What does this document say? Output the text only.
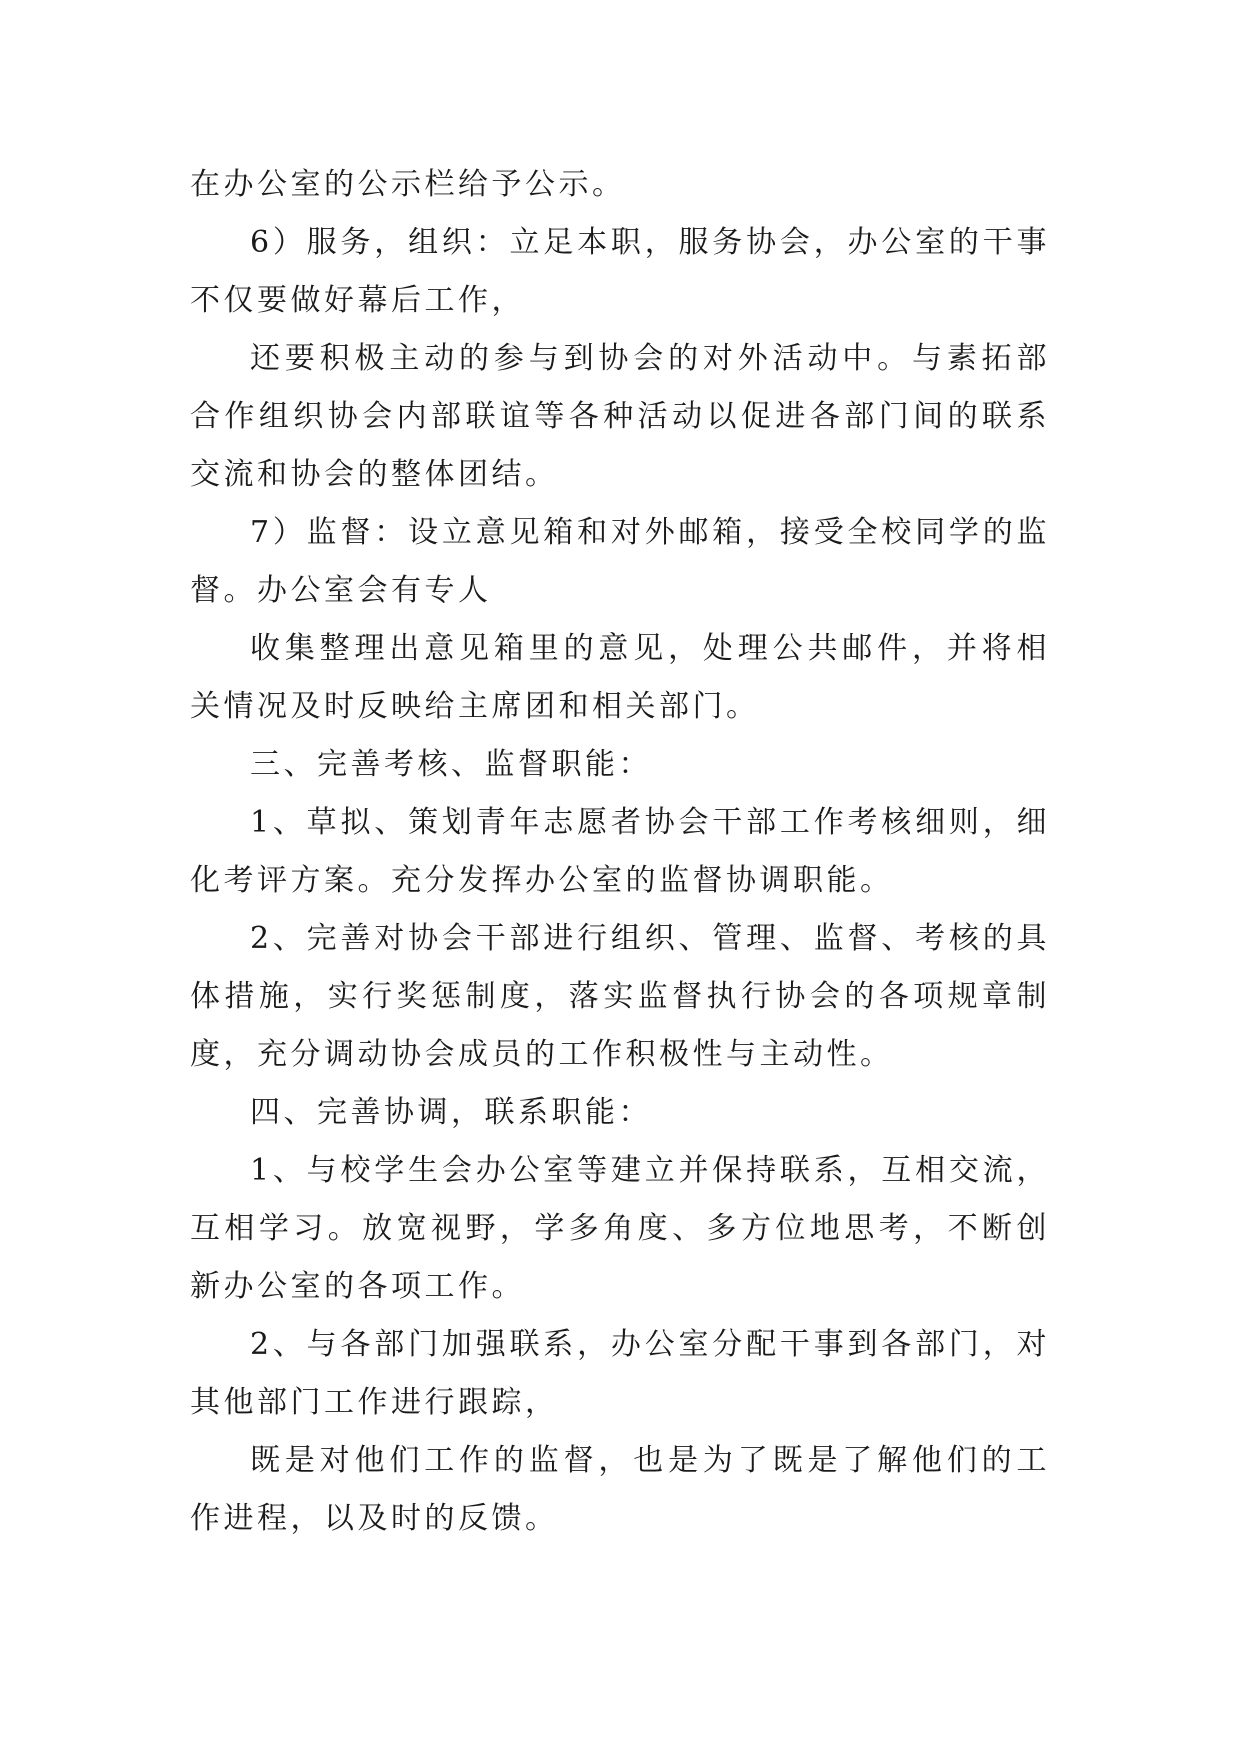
在办公室的公示栏给予公示。

6）服务，组织：立足本职，服务协会，办公室的干事不仅要做好幕后工作，

还要积极主动的参与到协会的对外活动中。与素拓部合作组织协会内部联谊等各种活动以促进各部门间的联系交流和协会的整体团结。

7）监督：设立意见箱和对外邮箱，接受全校同学的监督。办公室会有专人

收集整理出意见箱里的意见，处理公共邮件，并将相关情况及时反映给主席团和相关部门。

三、完善考核、监督职能：

1、草拟、策划青年志愿者协会干部工作考核细则，细化考评方案。充分发挥办公室的监督协调职能。

2、完善对协会干部进行组织、管理、监督、考核的具体措施，实行奖惩制度，落实监督执行协会的各项规章制度，充分调动协会成员的工作积极性与主动性。

四、完善协调，联系职能：

1、与校学生会办公室等建立并保持联系，互相交流，互相学习。放宽视野，学多角度、多方位地思考，不断创新办公室的各项工作。

2、与各部门加强联系，办公室分配干事到各部门，对其他部门工作进行跟踪，

既是对他们工作的监督，也是为了既是了解他们的工作进程，以及时的反馈。
